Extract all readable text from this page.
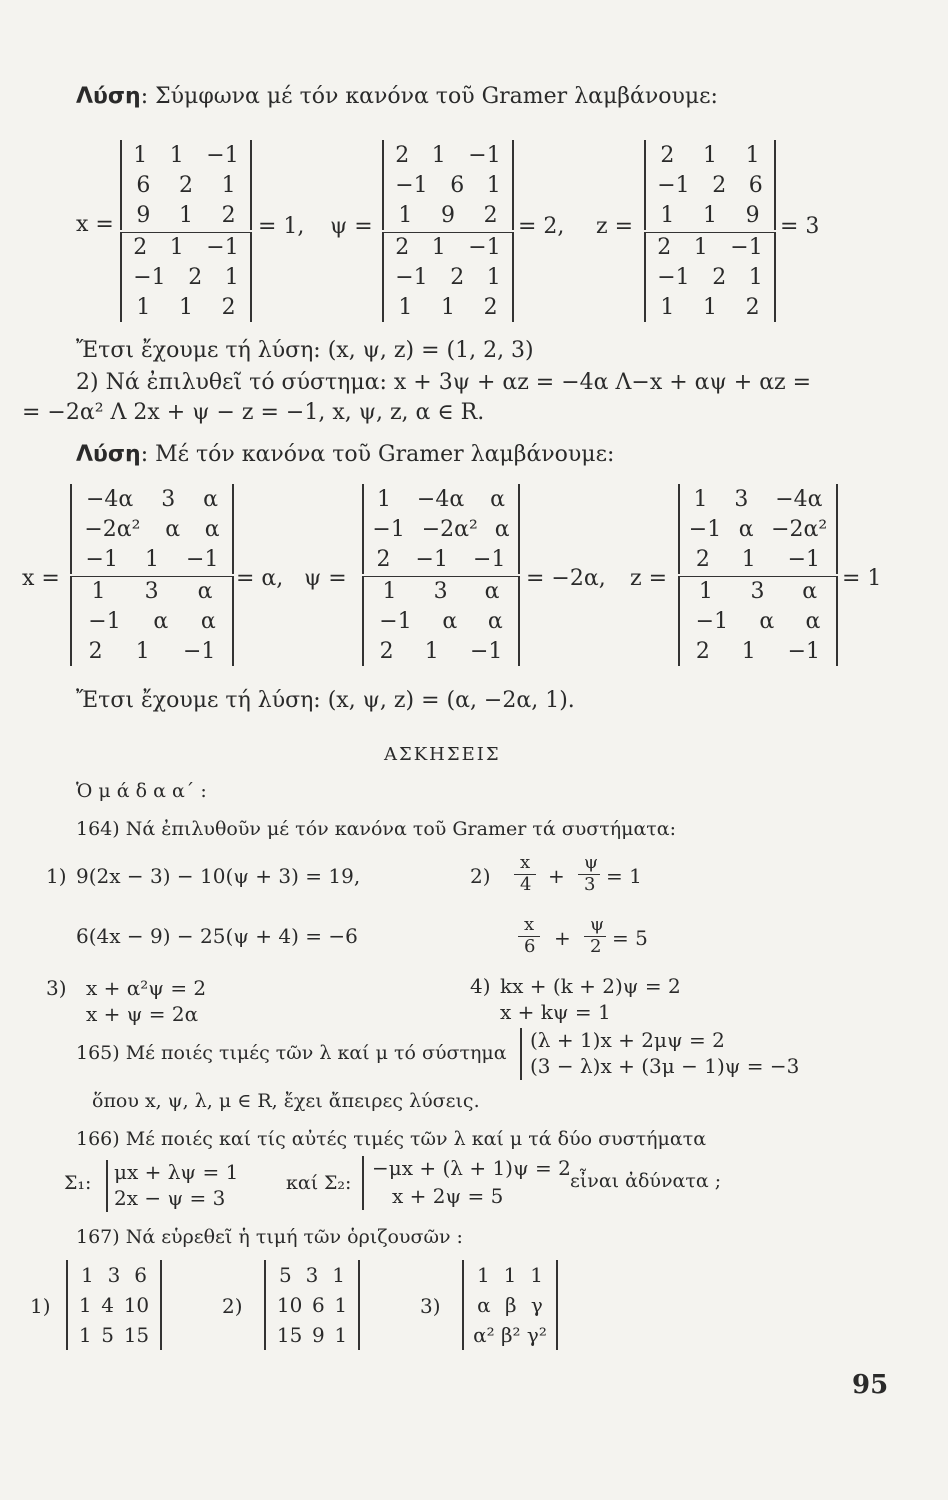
Λύση: Σύμφωνα μέ τόν κανόνα τοῦ Gramer λαμβάνουμε:
x =
1 1 −1
6 2 1
9 1 2
2 1 −1
−1 2 1
1 1 2
= 1, ψ =
2 1 −1
−1 6 1
1 9 2
2 1 −1
−1 2 1
1 1 2
= 2, z =
2 1 1
−1 2 6
1 1 9
2 1 −1
−1 2 1
1 1 2
= 3
Ἔτσι ἔχουμε τή λύση: (x, ψ, z) = (1, 2, 3)
2) Νά ἐπιλυθεῖ τό σύστημα: x + 3ψ + αz = −4α Λ−x + αψ + αz =
= −2α² Λ 2x + ψ − z = −1, x, ψ, z, α ∈ R.
Λύση: Μέ τόν κανόνα τοῦ Gramer λαμβάνουμε:
x =
−4α 3 α
−2α² α α
−1 1 −1
1 3 α
−1 α α
2 1 −1
= α, ψ =
1 −4α α
−1 −2α² α
2 −1 −1
1 3 α
−1 α α
2 1 −1
= −2α, z =
1 3 −4α
−1 α −2α²
2 1 −1
1 3 α
−1 α α
2 1 −1
= 1
Ἔτσι ἔχουμε τή λύση: (x, ψ, z) = (α, −2α, 1).
ΑΣΚΗΣΕΙΣ
Ὁ μ ά δ α α΄ :
164) Νά ἐπιλυθοῦν μέ τόν κανόνα τοῦ Gramer τά συστήματα:
1) 9(2x − 3) − 10(ψ + 3) = 19,
6(4x − 9) − 25(ψ + 4) = −6
2)
x
4 +
ψ
3 = 1
x
6 +
ψ
2 = 5
3) x + α²ψ = 2
x + ψ = 2α
4) kx + (k + 2)ψ = 2
x + kψ = 1
165) Μέ ποιές τιμές τῶν λ καί μ τό σύστημα
(λ + 1)x + 2μψ = 2
(3 − λ)x + (3μ − 1)ψ = −3
ὅπου x, ψ, λ, μ ∈ R, ἔχει ἄπειρες λύσεις.
166) Μέ ποιές καί τίς αὐτές τιμές τῶν λ καί μ τά δύο συστήματα
Σ₁: μx + λψ = 1
2x − ψ = 3
καί Σ₂:
−μx + (λ + 1)ψ = 2
x + 2ψ = 5
εἶναι ἀδύνατα ;
167) Νά εὑρεθεῖ ἡ τιμή τῶν ὁριζουσῶν :
1)
1 3 6
1 4 10
1 5 15
2)
5 3 1
10 6 1
15 9 1
3)
1 1 1
α β γ
α² β² γ²
95
